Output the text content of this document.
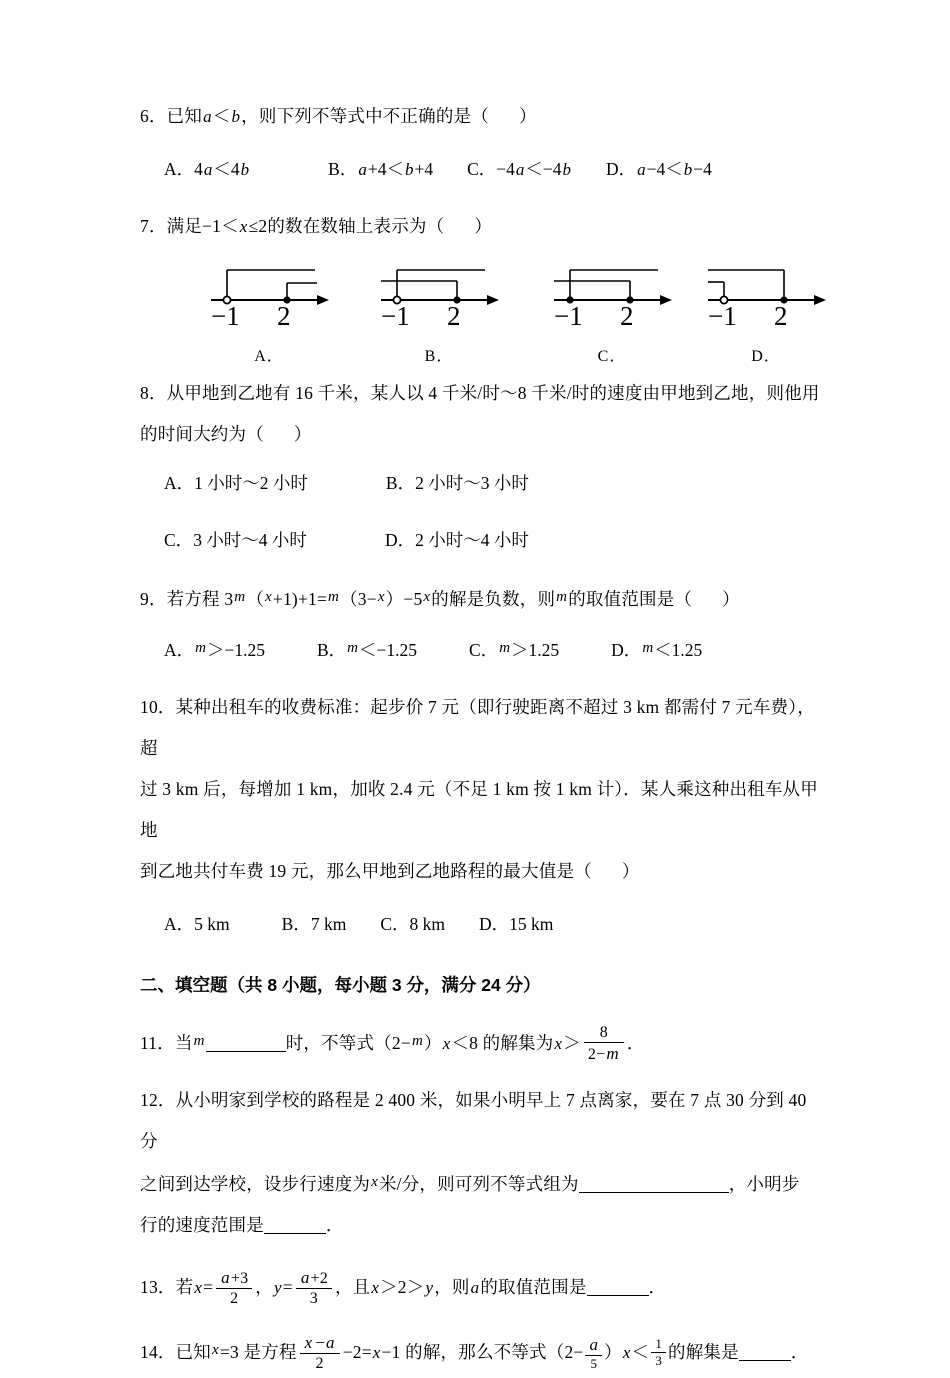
6．已知a＜b，则下列不等式中不正确的是（ ）
A．4a＜4b	B．a+4＜b+4 C．−4a＜−4b D．a−4＜b−4
7．满足−1＜x≤2的数在数轴上表示为（ ）
−1 2
A．
−1 2
B．
−1 2
C．
−1 2
D．
8．从甲地到乙地有 16 千米，某人以 4 千米/时～8 千米/时的速度由甲地到乙地，则他用
的时间大约为（ ）
A．1 小时～2 小时	B．2 小时～3 小时
C．3 小时～4 小时	D．2 小时～4 小时
9．若方程 3m（x+1)+1=m（3−x）−5x的解是负数，则m的取值范围是（ ）
A．m＞−1.25	B．m＜−1.25	C．m＞1.25	D．m＜1.25
10．某种出租车的收费标准：起步价 7 元（即行驶距离不超过 3 km 都需付 7 元车费），超
过 3 km 后，每增加 1 km，加收 2.4 元（不足 1 km 按 1 km 计）．某人乘这种出租车从甲地
到乙地共付车费 19 元，那么甲地到乙地路程的最大值是（ ）
A．5 km	B．7 km C．8 km D．15 km
二、填空题（共 8 小题，每小题 3 分，满分 24 分）
11．当m	时，不等式（2−m）x＜8 的解集为$x> \frac{8}{2-m}$ ．
12．从小明家到学校的路程是 2 400 米，如果小明早上 7 点离家，要在 7 点 30 分到 40 分
之间到达学校，设步行速度为x米/分，则可列不等式组为	，小明步
行的速度范围是	．
13．若$x= \frac{a+3}{2}$ ，$y= \frac{a+2}{3}$ ，且x＞2＞y，则a的取值范围是	．
14．已知x=3 是方程 $\frac{x -a}{2} -2=x-1$ 的解，那么不等式$(2- \frac{a}{5} )x< \frac{1}{3}$ 的解集是	．
